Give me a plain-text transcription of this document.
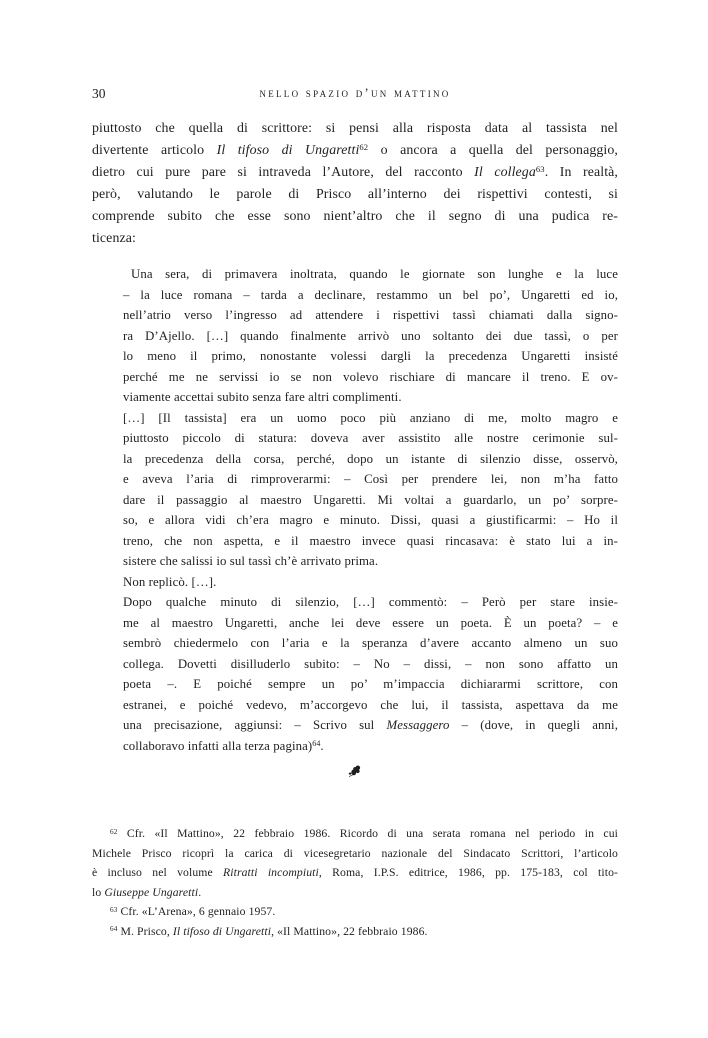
30	nello spazio d’un mattino
piuttosto che quella di scrittore: si pensi alla risposta data al tassista nel
divertente articolo Il tifoso di Ungaretti$^{62}$ o ancora a quella del personaggio,
dietro cui pure pare si intraveda l’Autore, del racconto Il collega$^{63}$. In realtà,
però, valutando le parole di Prisco all’interno dei rispettivi contesti, si
comprende subito che esse sono nient’altro che il segno di una pudica re-
ticenza:
Una sera, di primavera inoltrata, quando le giornate son lunghe e la luce
– la luce romana – tarda a declinare, restammo un bel po’, Ungaretti ed io,
nell’atrio verso l’ingresso ad attendere i rispettivi tassì chiamati dalla signo-
ra D’Ajello. […] quando finalmente arrivò uno soltanto dei due tassì, o per
lo meno il primo, nonostante volessi dargli la precedenza Ungaretti insisté
perché me ne servissi io se non volevo rischiare di mancare il treno. E ov-
viamente accettai subito senza fare altri complimenti.
[…] [Il tassista] era un uomo poco più anziano di me, molto magro e
piuttosto piccolo di statura: doveva aver assistito alle nostre cerimonie sul-
la precedenza della corsa, perché, dopo un istante di silenzio disse, osservò,
e aveva l’aria di rimproverarmi: – Così per prendere lei, non m’ha fatto
dare il passaggio al maestro Ungaretti. Mi voltai a guardarlo, un po’ sorpre-
so, e allora vidi ch’era magro e minuto. Dissi, quasi a giustificarmi: – Ho il
treno, che non aspetta, e il maestro invece quasi rincasava: è stato lui a in-
sistere che salissi io sul tassì ch’è arrivato prima.
Non replicò. […].
Dopo qualche minuto di silenzio, […] commentò: – Però per stare insie-
me al maestro Ungaretti, anche lei deve essere un poeta. È un poeta? – e
sembrò chiedermelo con l’aria e la speranza d’avere accanto almeno un suo
collega. Dovetti disilluderlo subito: – No – dissi, – non sono affatto un
poeta –. E poiché sempre un po’ m’impaccia dichiararmi scrittore, con
estranei, e poiché vedevo, m’accorgevo che lui, il tassista, aspettava da me
una precisazione, aggiunsi: – Scrivo sul Messaggero – (dove, in quegli anni,
collaboravo infatti alla terza pagina)$^{64}$.
$^{62}$ Cfr. «Il Mattino», 22 febbraio 1986. Ricordo di una serata romana nel periodo in cui
Michele Prisco ricoprì la carica di vicesegretario nazionale del Sindacato Scrittori, l’articolo
è incluso nel volume Ritratti incompiuti, Roma, I.P.S. editrice, 1986, pp. 175-183, col tito-
lo Giuseppe Ungaretti.
$^{63}$ Cfr. «L’Arena», 6 gennaio 1957.
$^{64}$ M. Prisco, Il tifoso di Ungaretti, «Il Mattino», 22 febbraio 1986.
